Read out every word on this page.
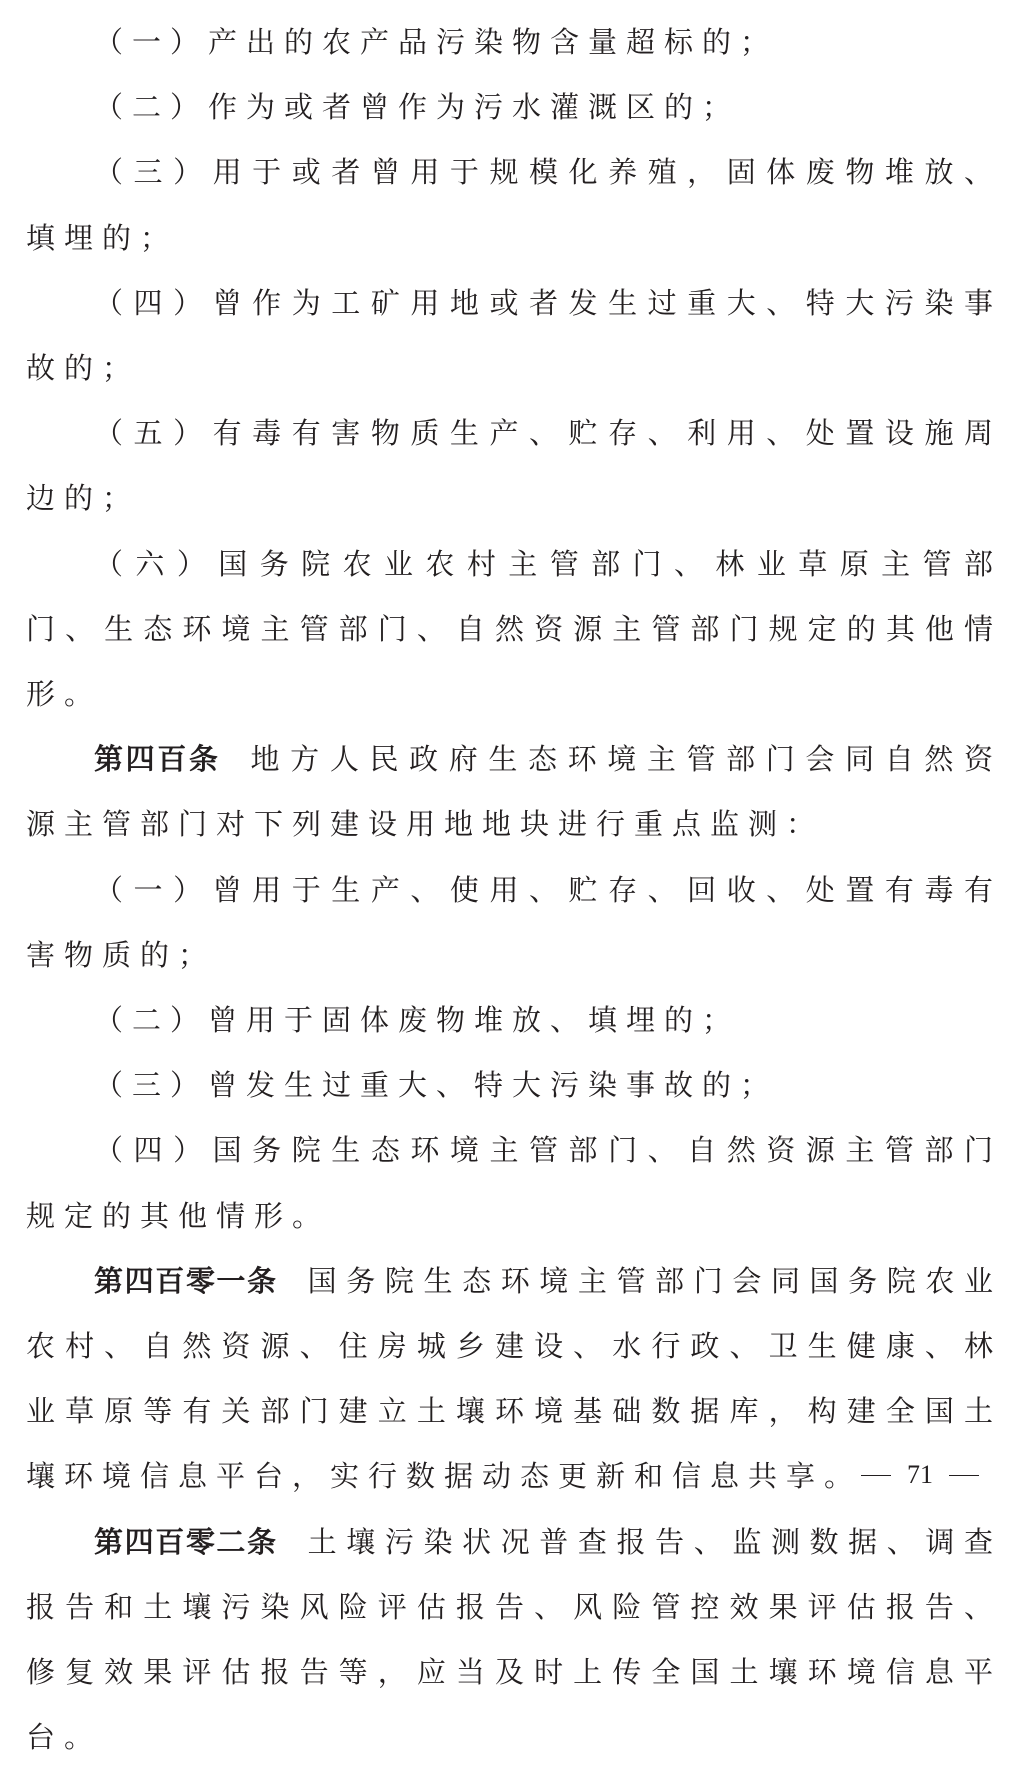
（一）产出的农产品污染物含量超标的；

（二）作为或者曾作为污水灌溉区的；

（三）用于或者曾用于规模化养殖，固体废物堆放、填埋的；

（四）曾作为工矿用地或者发生过重大、特大污染事故的；

（五）有毒有害物质生产、贮存、利用、处置设施周边的；

（六）国务院农业农村主管部门、林业草原主管部门、生态环境主管部门、自然资源主管部门规定的其他情形。

第四百条 地方人民政府生态环境主管部门会同自然资源主管部门对下列建设用地地块进行重点监测：

（一）曾用于生产、使用、贮存、回收、处置有毒有害物质的；

（二）曾用于固体废物堆放、填埋的；

（三）曾发生过重大、特大污染事故的；

（四）国务院生态环境主管部门、自然资源主管部门规定的其他情形。

第四百零一条 国务院生态环境主管部门会同国务院农业农村、自然资源、住房城乡建设、水行政、卫生健康、林业草原等有关部门建立土壤环境基础数据库，构建全国土壤环境信息平台，实行数据动态更新和信息共享。

第四百零二条 土壤污染状况普查报告、监测数据、调查报告和土壤污染风险评估报告、风险管控效果评估报告、修复效果评估报告等，应当及时上传全国土壤环境信息平台。

71
